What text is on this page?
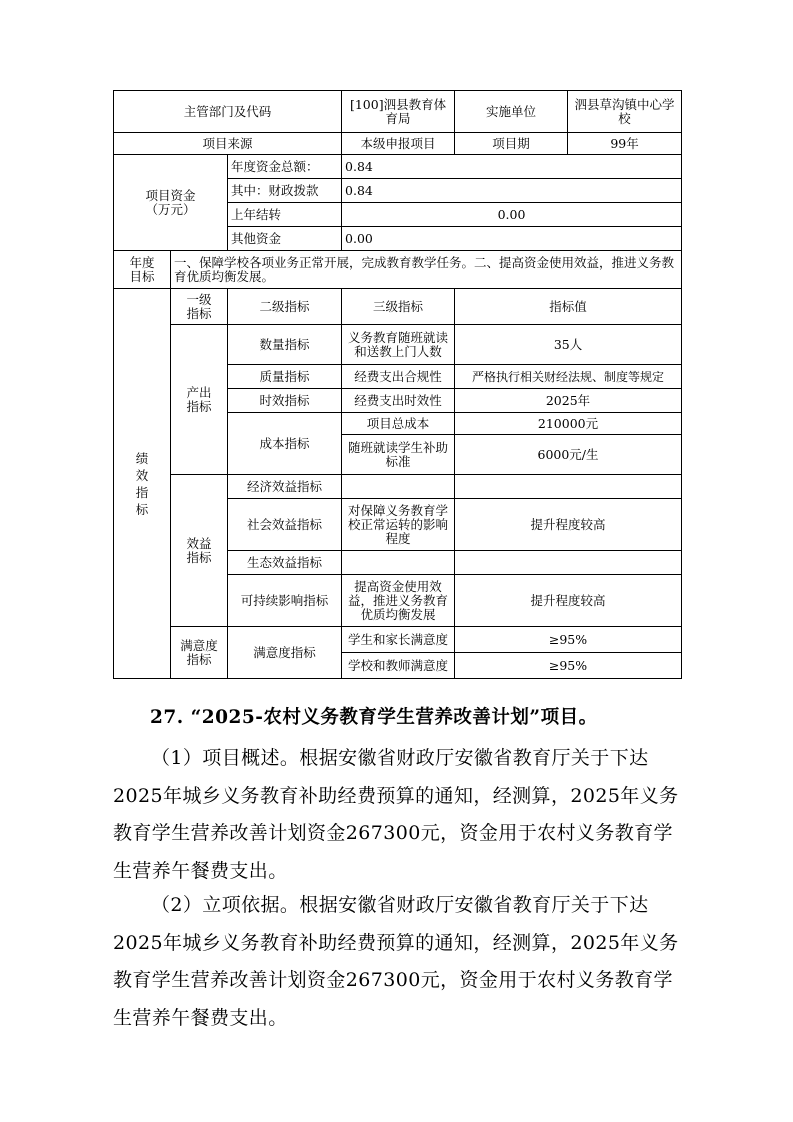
主管部门及代码			[100]泗县教育体育局	实施单位	泗县草沟镇中心学校
项目来源			本级申报项目	项目期	99年
项目资金（万元）		年度资金总额：	0.84		
		其中：财政拨款	0.84		
		上年结转	0.00		
		其他资金	0.00		
年度目标	一、保障学校各项业务正常开展，完成教育教学任务。二、提高资金使用效益，推进义务教育优质均衡发展。				
绩效指标	一级指标	二级指标	三级指标	指标值	
	产出指标	数量指标	义务教育随班就读和送教上门人数	35人	
		质量指标	经费支出合规性	严格执行相关财经法规、制度等规定	
		时效指标	经费支出时效性	2025年	
		成本指标	项目总成本	210000元	
			随班就读学生补助标准	6000元/生	
	效益指标	经济效益指标			
		社会效益指标	对保障义务教育学校正常运转的影响程度	提升程度较高	
		生态效益指标			
		可持续影响指标	提高资金使用效益，推进义务教育优质均衡发展	提升程度较高	
	满意度指标	满意度指标	学生和家长满意度	≥95%	
			学校和教师满意度	≥95%	
27. “2025-农村义务教育学生营养改善计划”项目。
（1）项目概述。根据安徽省财政厅安徽省教育厅关于下达2025年城乡义务教育补助经费预算的通知，经测算，2025年义务教育学生营养改善计划资金267300元，资金用于农村义务教育学生营养午餐费支出。
（2）立项依据。根据安徽省财政厅安徽省教育厅关于下达2025年城乡义务教育补助经费预算的通知，经测算，2025年义务教育学生营养改善计划资金267300元，资金用于农村义务教育学生营养午餐费支出。
